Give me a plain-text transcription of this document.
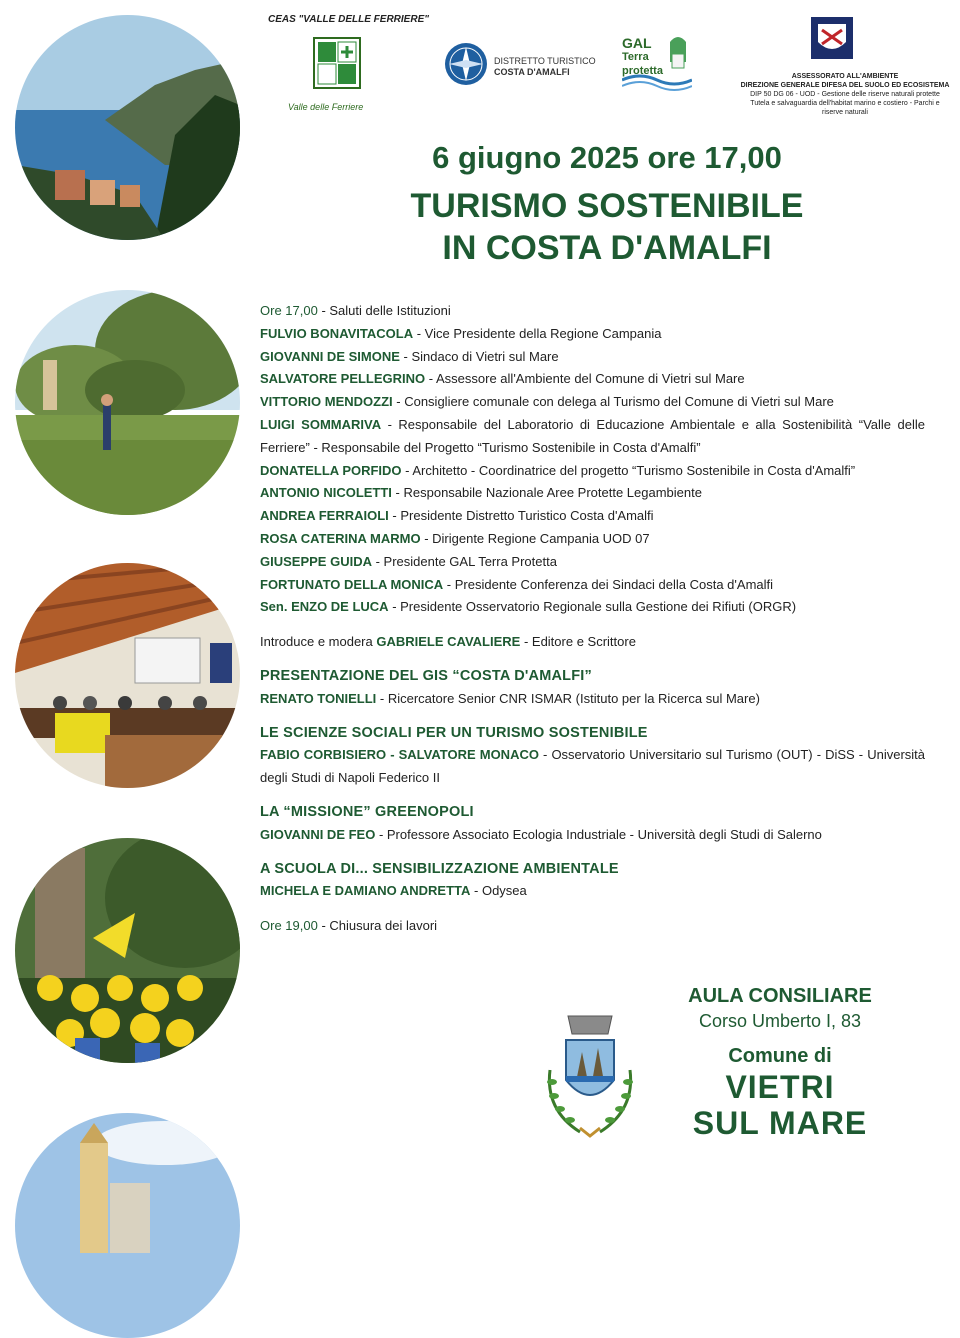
CEAS "VALLE DELLE FERRIERE"
Valle delle Ferriere
DISTRETTO TURISTICO
COSTA D'AMALFI
GAL
Terra
protetta	ASSESSORATO ALL'AMBIENTE
DIREZIONE GENERALE DIFESA DEL SUOLO ED ECOSISTEMA
DIP 50 DG 06 - UOD - Gestione delle riserve naturali protette
Tutela e salvaguardia dell'habitat marino e costiero - Parchi e riserve naturali
6 giugno 2025 ore 17,00
TURISMO SOSTENIBILE
IN COSTA D'AMALFI
Ore 17,00 - Saluti delle Istituzioni
FULVIO BONAVITACOLA - Vice Presidente della Regione Campania
GIOVANNI DE SIMONE - Sindaco di Vietri sul Mare
SALVATORE PELLEGRINO - Assessore all'Ambiente del Comune di Vietri sul Mare
VITTORIO MENDOZZI - Consigliere comunale con delega al Turismo del Comune di Vietri sul Mare
LUIGI SOMMARIVA - Responsabile del Laboratorio di Educazione Ambientale e alla Sostenibilità “Valle delle Ferriere” - Responsabile del Progetto “Turismo Sostenibile in Costa d'Amalfi”
DONATELLA PORFIDO - Architetto - Coordinatrice del progetto “Turismo Sostenibile in Costa d'Amalfi”
ANTONIO NICOLETTI - Responsabile Nazionale Aree Protette Legambiente
ANDREA FERRAIOLI - Presidente Distretto Turistico Costa d'Amalfi
ROSA CATERINA MARMO - Dirigente Regione Campania UOD 07
GIUSEPPE GUIDA - Presidente GAL Terra Protetta
FORTUNATO DELLA MONICA - Presidente Conferenza dei Sindaci della Costa d'Amalfi
Sen. ENZO DE LUCA - Presidente Osservatorio Regionale sulla Gestione dei Rifiuti (ORGR)
Introduce e modera GABRIELE CAVALIERE - Editore e Scrittore
PRESENTAZIONE DEL GIS “COSTA D'AMALFI”
RENATO TONIELLI - Ricercatore Senior CNR ISMAR (Istituto per la Ricerca sul Mare)
LE SCIENZE SOCIALI PER UN TURISMO SOSTENIBILE
FABIO CORBISIERO - SALVATORE MONACO - Osservatorio Universitario sul Turismo (OUT) - DiSS - Università degli Studi di Napoli Federico II
LA “MISSIONE” GREENOPOLI
GIOVANNI DE FEO - Professore Associato Ecologia Industriale - Università degli Studi di Salerno
A SCUOLA DI... SENSIBILIZZAZIONE AMBIENTALE
MICHELA E DAMIANO ANDRETTA - Odysea
Ore 19,00 - Chiusura dei lavori
AULA CONSILIARE
Corso Umberto I, 83
Comune di
VIETRI
SUL MARE
